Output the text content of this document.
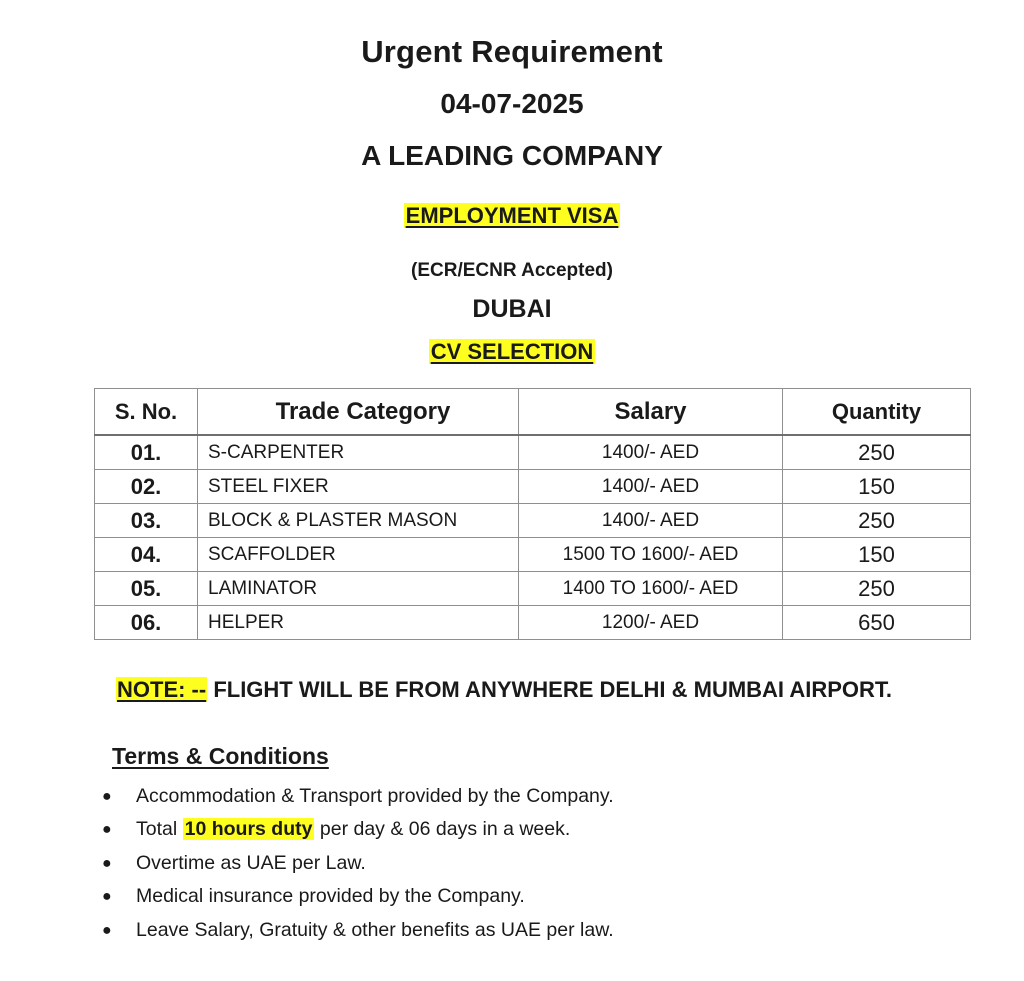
Urgent Requirement
04-07-2025
A LEADING COMPANY
EMPLOYMENT VISA
(ECR/ECNR Accepted)
DUBAI
CV SELECTION
S. No.	Trade Category	Salary	Quantity
01.	S-CARPENTER	1400/- AED	250
02.	STEEL FIXER	1400/- AED	150
03.	BLOCK & PLASTER MASON	1400/- AED	250
04.	SCAFFOLDER	1500 TO 1600/- AED	150
05.	LAMINATOR	1400 TO 1600/- AED	250
06.	HELPER	1200/- AED	650
NOTE: -- FLIGHT WILL BE FROM ANYWHERE DELHI & MUMBAI AIRPORT.
Terms & Conditions
● Accommodation & Transport provided by the Company.
● Total 10 hours duty per day & 06 days in a week.
● Overtime as UAE per Law.
● Medical insurance provided by the Company.
● Leave Salary, Gratuity & other benefits as UAE per law.
